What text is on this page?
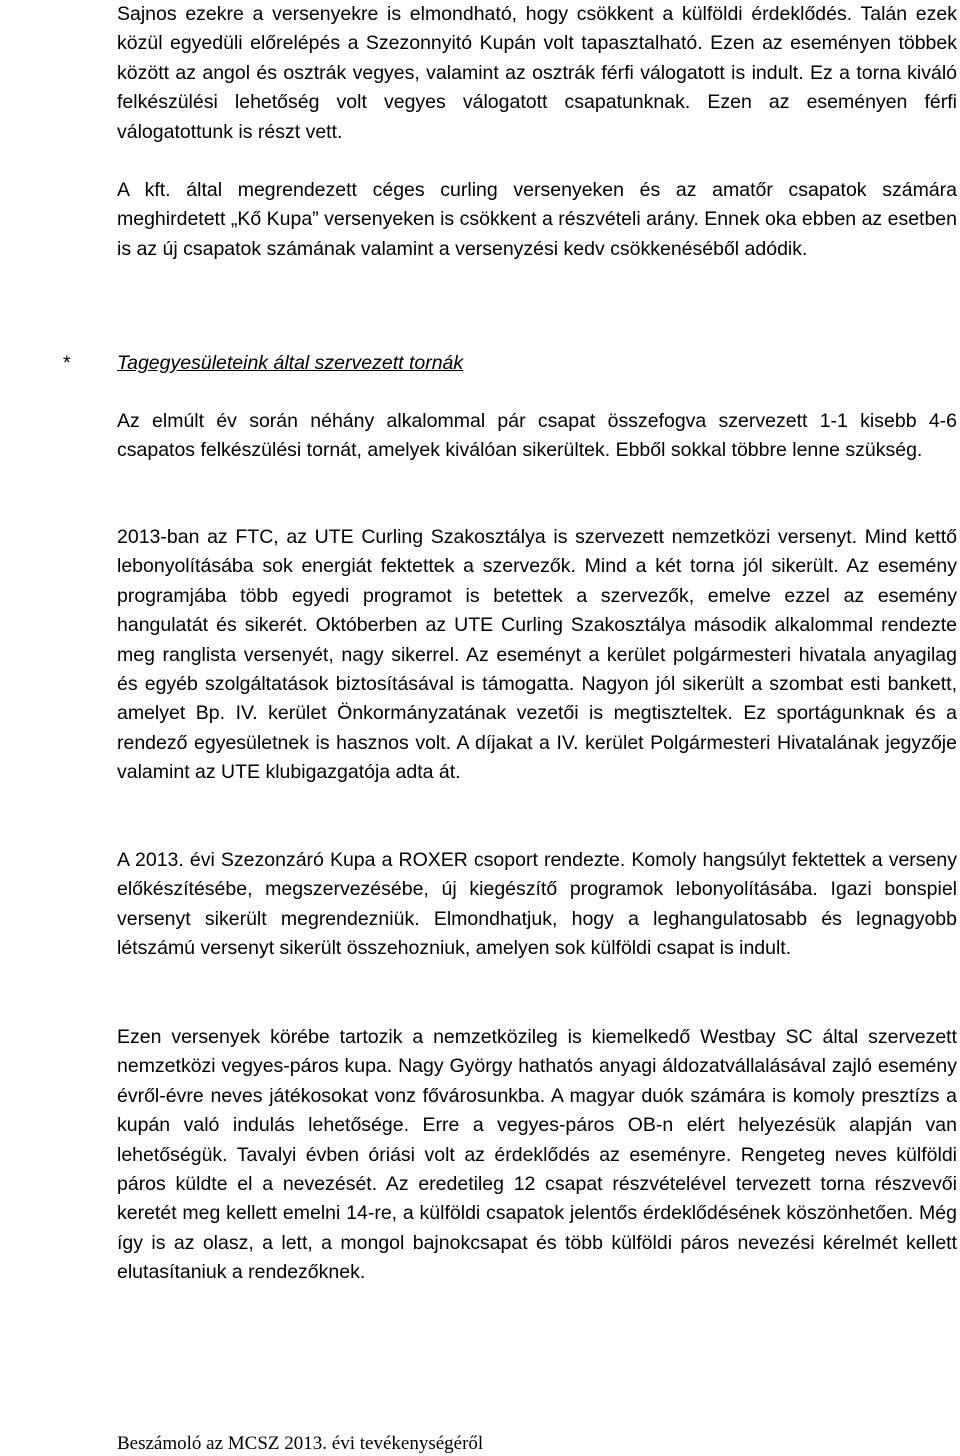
Sajnos ezekre a versenyekre is elmondható, hogy csökkent a külföldi érdeklődés. Talán ezek közül egyedüli előrelépés a Szezonnyitó Kupán volt tapasztalható. Ezen az eseményen többek között az angol és osztrák vegyes, valamint az osztrák férfi válogatott is indult. Ez a torna kiváló felkészülési lehetőség volt vegyes válogatott csapatunknak. Ezen az eseményen férfi válogatottunk is részt vett.

A kft. által megrendezett céges curling versenyeken és az amatőr csapatok számára meghirdetett „Kő Kupa” versenyeken is csökkent a részvételi arány. Ennek oka ebben az esetben is az új csapatok számának valamint a versenyzési kedv csökkenéséből adódik.

* Tagegyesületeink által szervezett tornák

Az elmúlt év során néhány alkalommal pár csapat összefogva szervezett 1-1 kisebb 4-6 csapatos felkészülési tornát, amelyek kiválóan sikerültek. Ebből sokkal többre lenne szükség.

2013-ban az FTC, az UTE Curling Szakosztálya is szervezett nemzetközi versenyt. Mind kettő lebonyolításába sok energiát fektettek a szervezők. Mind a két torna jól sikerült. Az esemény programjába több egyedi programot is betettek a szervezők, emelve ezzel az esemény hangulatát és sikerét. Októberben az UTE Curling Szakosztálya második alkalommal rendezte meg ranglista versenyét, nagy sikerrel. Az eseményt a kerület polgármesteri hivatala anyagilag és egyéb szolgáltatások biztosításával is támogatta. Nagyon jól sikerült a szombat esti bankett, amelyet Bp. IV. kerület Önkormányzatának vezetői is megtiszteltek. Ez sportágunknak és a rendező egyesületnek is hasznos volt. A díjakat a IV. kerület Polgármesteri Hivatalának jegyzője valamint az UTE klubigazgatója adta át.

A 2013. évi Szezonzáró Kupa a ROXER csoport rendezte. Komoly hangsúlyt fektettek a verseny előkészítésébe, megszervezésébe, új kiegészítő programok lebonyolításába. Igazi bonspiel versenyt sikerült megrendezniük. Elmondhatjuk, hogy a leghangulatosabb és legnagyobb létszámú versenyt sikerült összehozniuk, amelyen sok külföldi csapat is indult.

Ezen versenyek körébe tartozik a nemzetközileg is kiemelkedő Westbay SC által szervezett nemzetközi vegyes-páros kupa. Nagy György hathatós anyagi áldozatvállalásával zajló esemény évről-évre neves játékosokat vonz fővárosunkba. A magyar duók számára is komoly presztízs a kupán való indulás lehetősége. Erre a vegyes-páros OB-n elért helyezésük alapján van lehetőségük. Tavalyi évben óriási volt az érdeklődés az eseményre. Rengeteg neves külföldi páros küldte el a nevezését. Az eredetileg 12 csapat részvételével tervezett torna részvevői keretét meg kellett emelni 14-re, a külföldi csapatok jelentős érdeklődésének köszönhetően. Még így is az olasz, a lett, a mongol bajnokcsapat és több külföldi páros nevezési kérelmét kellett elutasítaniuk a rendezőknek.

Beszámoló az MCSZ 2013. évi tevékenységéről
